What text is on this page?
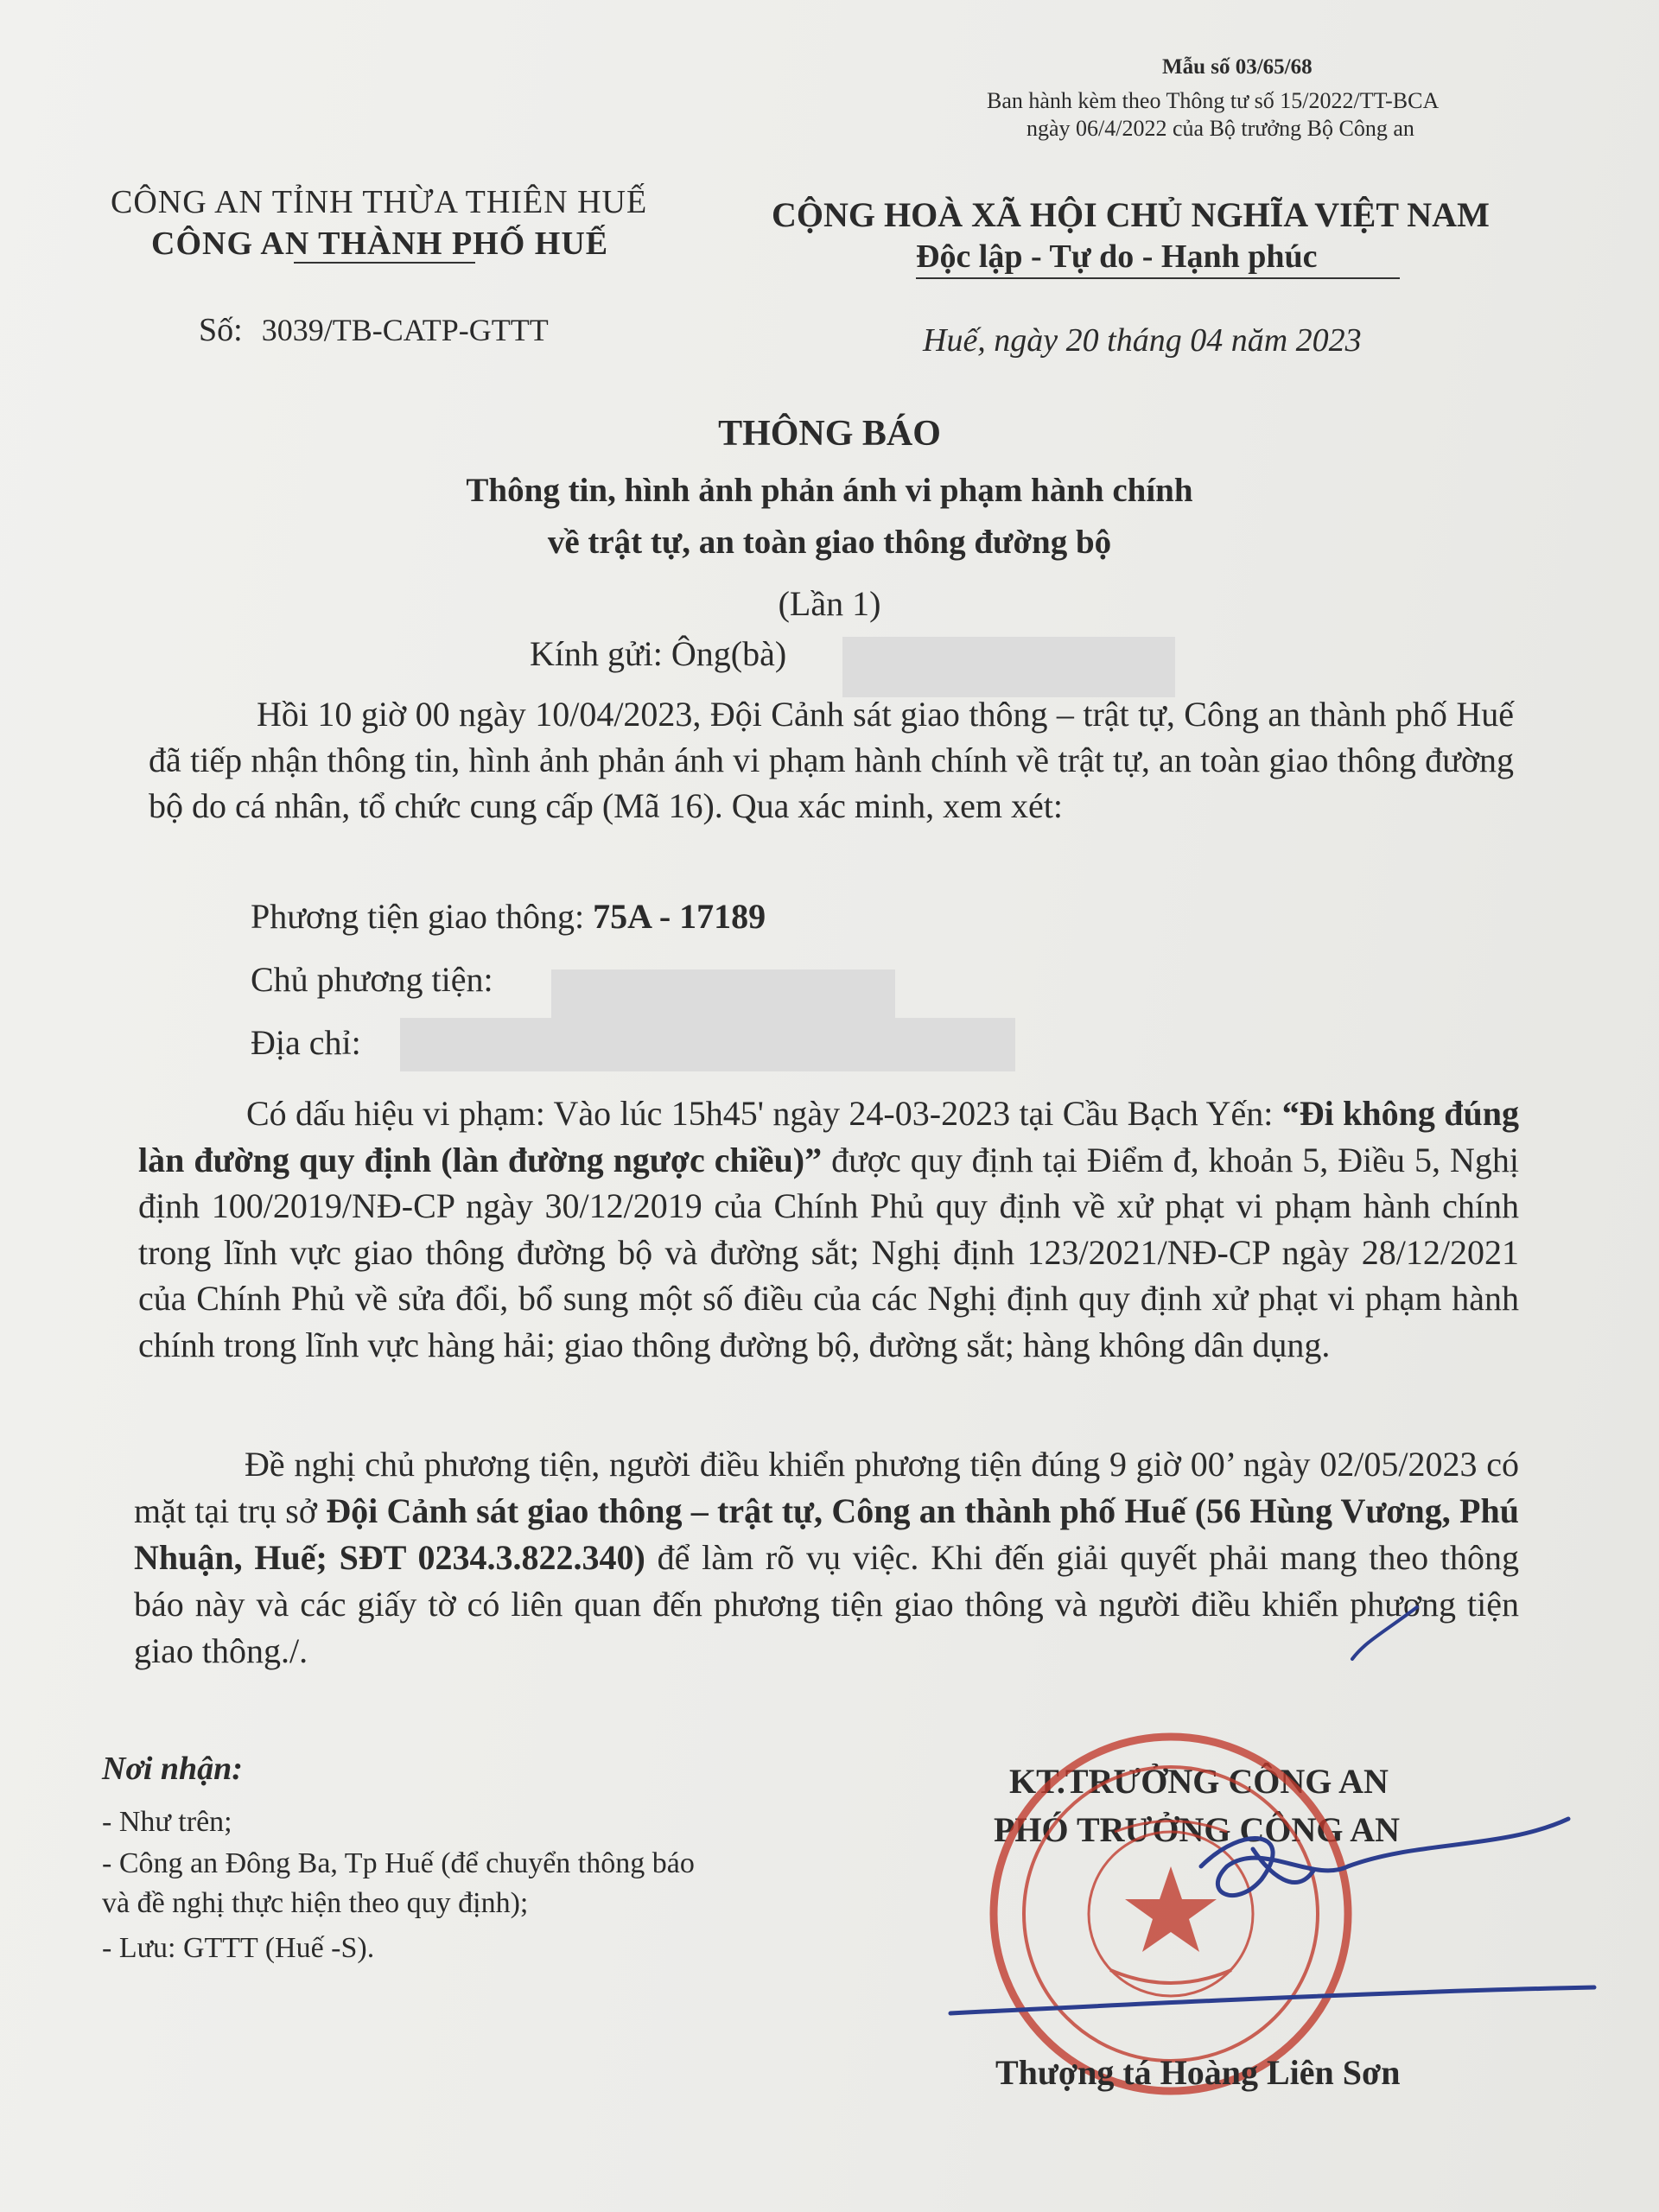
Mẫu số 03/65/68
Ban hành kèm theo Thông tư số 15/2022/TT-BCA
ngày 06/4/2022 của Bộ trưởng Bộ Công an
CÔNG AN TỈNH THỪA THIÊN HUẾ
CÔNG AN THÀNH PHỐ HUẾ
CỘNG HOÀ XÃ HỘI CHỦ NGHĨA VIỆT NAM
Độc lập - Tự do - Hạnh phúc
Số: 3039/TB-CATP-GTTT	Huế, ngày 20 tháng 04 năm 2023
THÔNG BÁO
Thông tin, hình ảnh phản ánh vi phạm hành chính
về trật tự, an toàn giao thông đường bộ
(Lần 1)
Kính gửi: Ông(bà)
Hồi 10 giờ 00 ngày 10/04/2023, Đội Cảnh sát giao thông – trật tự, Công an thành phố Huế đã tiếp nhận thông tin, hình ảnh phản ánh vi phạm hành chính về trật tự, an toàn giao thông đường bộ do cá nhân, tổ chức cung cấp (Mã 16). Qua xác minh, xem xét:
Phương tiện giao thông: 75A - 17189
Chủ phương tiện:
Địa chỉ:
Có dấu hiệu vi phạm: Vào lúc 15h45' ngày 24-03-2023 tại Cầu Bạch Yến: “Đi không đúng làn đường quy định (làn đường ngược chiều)” được quy định tại Điểm đ, khoản 5, Điều 5, Nghị định 100/2019/NĐ-CP ngày 30/12/2019 của Chính Phủ quy định về xử phạt vi phạm hành chính trong lĩnh vực giao thông đường bộ và đường sắt; Nghị định 123/2021/NĐ-CP ngày 28/12/2021 của Chính Phủ về sửa đổi, bổ sung một số điều của các Nghị định quy định xử phạt vi phạm hành chính trong lĩnh vực hàng hải; giao thông đường bộ, đường sắt; hàng không dân dụng.
Đề nghị chủ phương tiện, người điều khiển phương tiện đúng 9 giờ 00’ ngày 02/05/2023 có mặt tại trụ sở Đội Cảnh sát giao thông – trật tự, Công an thành phố Huế (56 Hùng Vương, Phú Nhuận, Huế; SĐT 0234.3.822.340) để làm rõ vụ việc. Khi đến giải quyết phải mang theo thông báo này và các giấy tờ có liên quan đến phương tiện giao thông và người điều khiển phương tiện giao thông./.
Nơi nhận:
- Như trên;
- Công an Đông Ba, Tp Huế (để chuyển thông báo
và đề nghị thực hiện theo quy định);
- Lưu: GTTT (Huế -S).
KT.TRƯỞNG CÔNG AN
PHÓ TRƯỞNG CÔNG AN
Thượng tá Hoàng Liên Sơn
